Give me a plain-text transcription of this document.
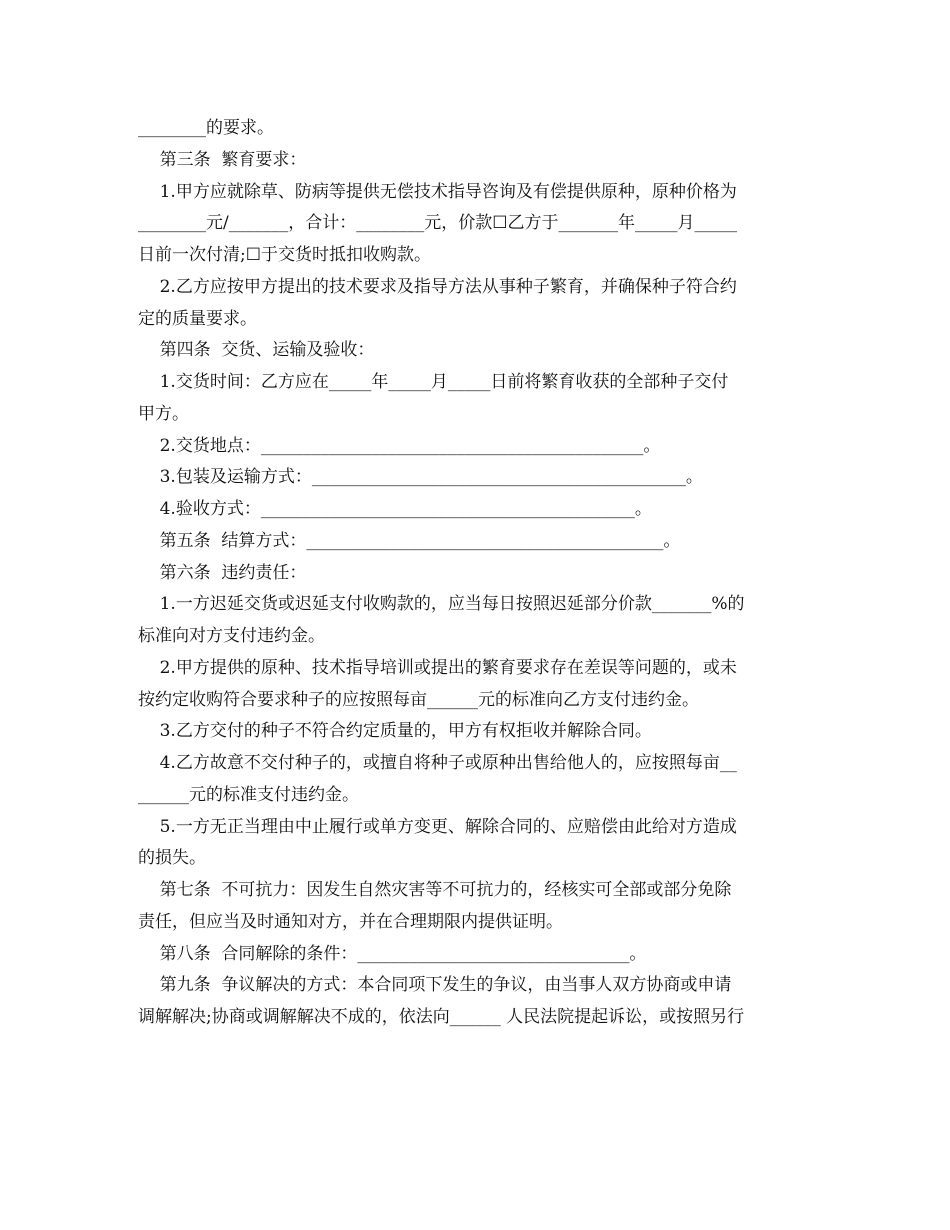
________的要求。
第三条  繁育要求：
1.甲方应就除草、防病等提供无偿技术指导咨询及有偿提供原种，原种价格为
________元/_______，合计：________元，价款☐乙方于_______年_____月_____
日前一次付清;☐于交货时抵扣收购款。
2.乙方应按甲方提出的技术要求及指导方法从事种子繁育，并确保种子符合约
定的质量要求。
第四条  交货、运输及验收：
1.交货时间：乙方应在_____年_____月_____日前将繁育收获的全部种子交付
甲方。
2.交货地点：_____________________________________________。
3.包装及运输方式：____________________________________________。
4.验收方式：____________________________________________。
第五条  结算方式：__________________________________________。
第六条  违约责任：
1.一方迟延交货或迟延支付收购款的，应当每日按照迟延部分价款_______%的
标准向对方支付违约金。
2.甲方提供的原种、技术指导培训或提出的繁育要求存在差误等问题的，或未
按约定收购符合要求种子的应按照每亩______元的标准向乙方支付违约金。
3.乙方交付的种子不符合约定质量的，甲方有权拒收并解除合同。
4.乙方故意不交付种子的，或擅自将种子或原种出售给他人的，应按照每亩__
______元的标准支付违约金。
5.一方无正当理由中止履行或单方变更、解除合同的、应赔偿由此给对方造成
的损失。
第七条  不可抗力：因发生自然灾害等不可抗力的，经核实可全部或部分免除
责任，但应当及时通知对方，并在合理期限内提供证明。
第八条  合同解除的条件：________________________________。
第九条  争议解决的方式：本合同项下发生的争议，由当事人双方协商或申请
调解解决;协商或调解解决不成的，依法向______ 人民法院提起诉讼，或按照另行
